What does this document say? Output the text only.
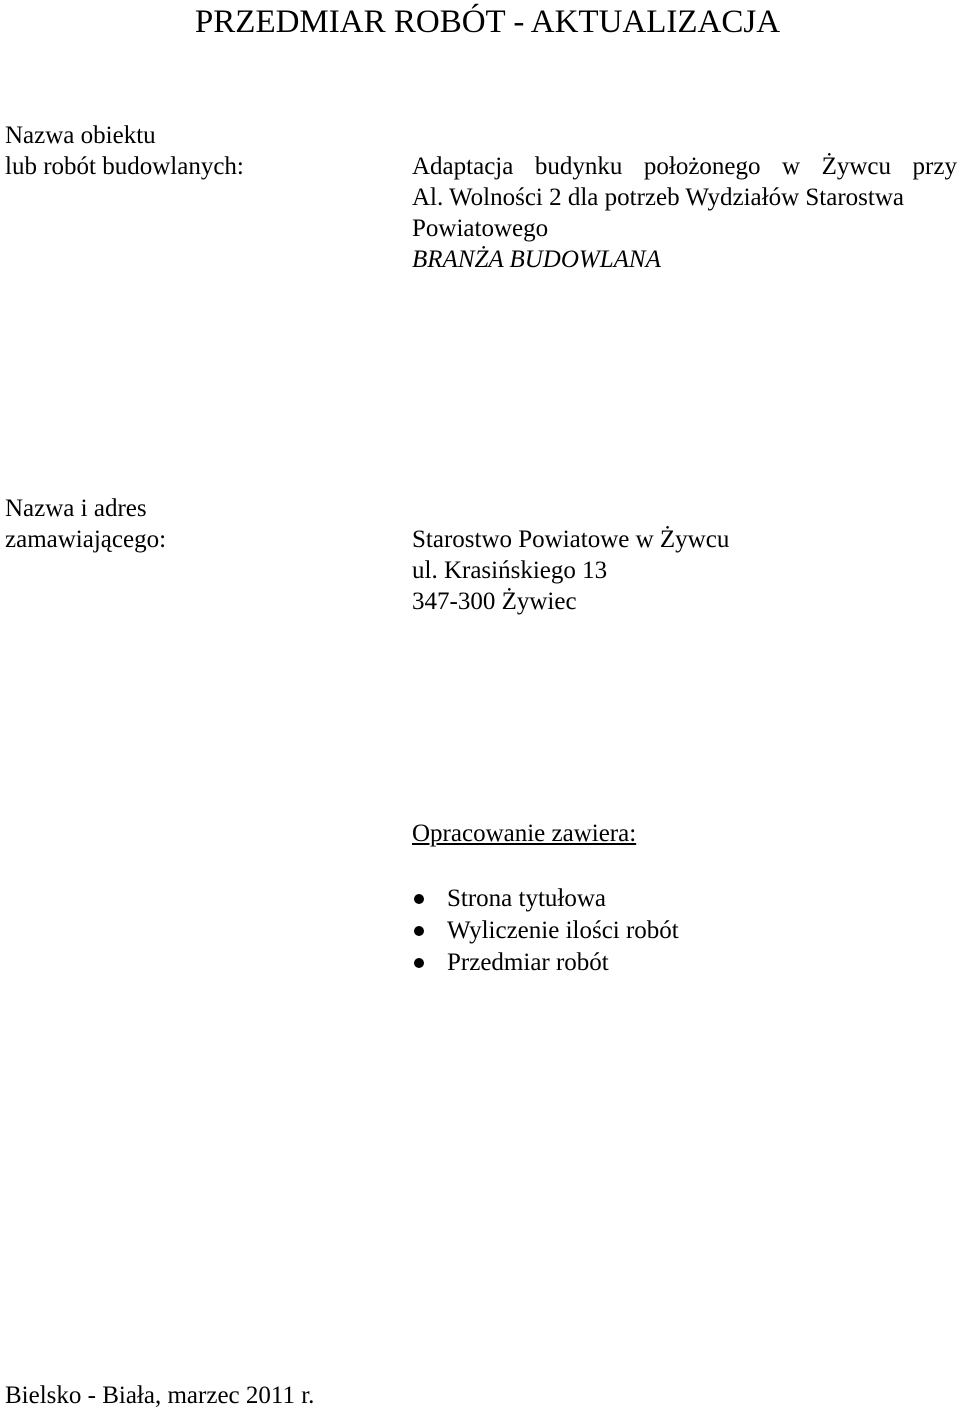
PRZEDMIAR ROBÓT - AKTUALIZACJA
Nazwa obiektu
lub robót budowlanych:	Adaptacja budynku położonego w Żywcu przy
Al. Wolności 2 dla potrzeb Wydziałów Starostwa
Powiatowego
BRANŻA BUDOWLANA
Nazwa i adres
zamawiającego:	Starostwo Powiatowe w Żywcu
ul. Krasińskiego 13
347-300 Żywiec
Opracowanie zawiera:
Strona tytułowa
Wyliczenie ilości robót
Przedmiar robót
Bielsko - Biała, marzec 2011 r.
